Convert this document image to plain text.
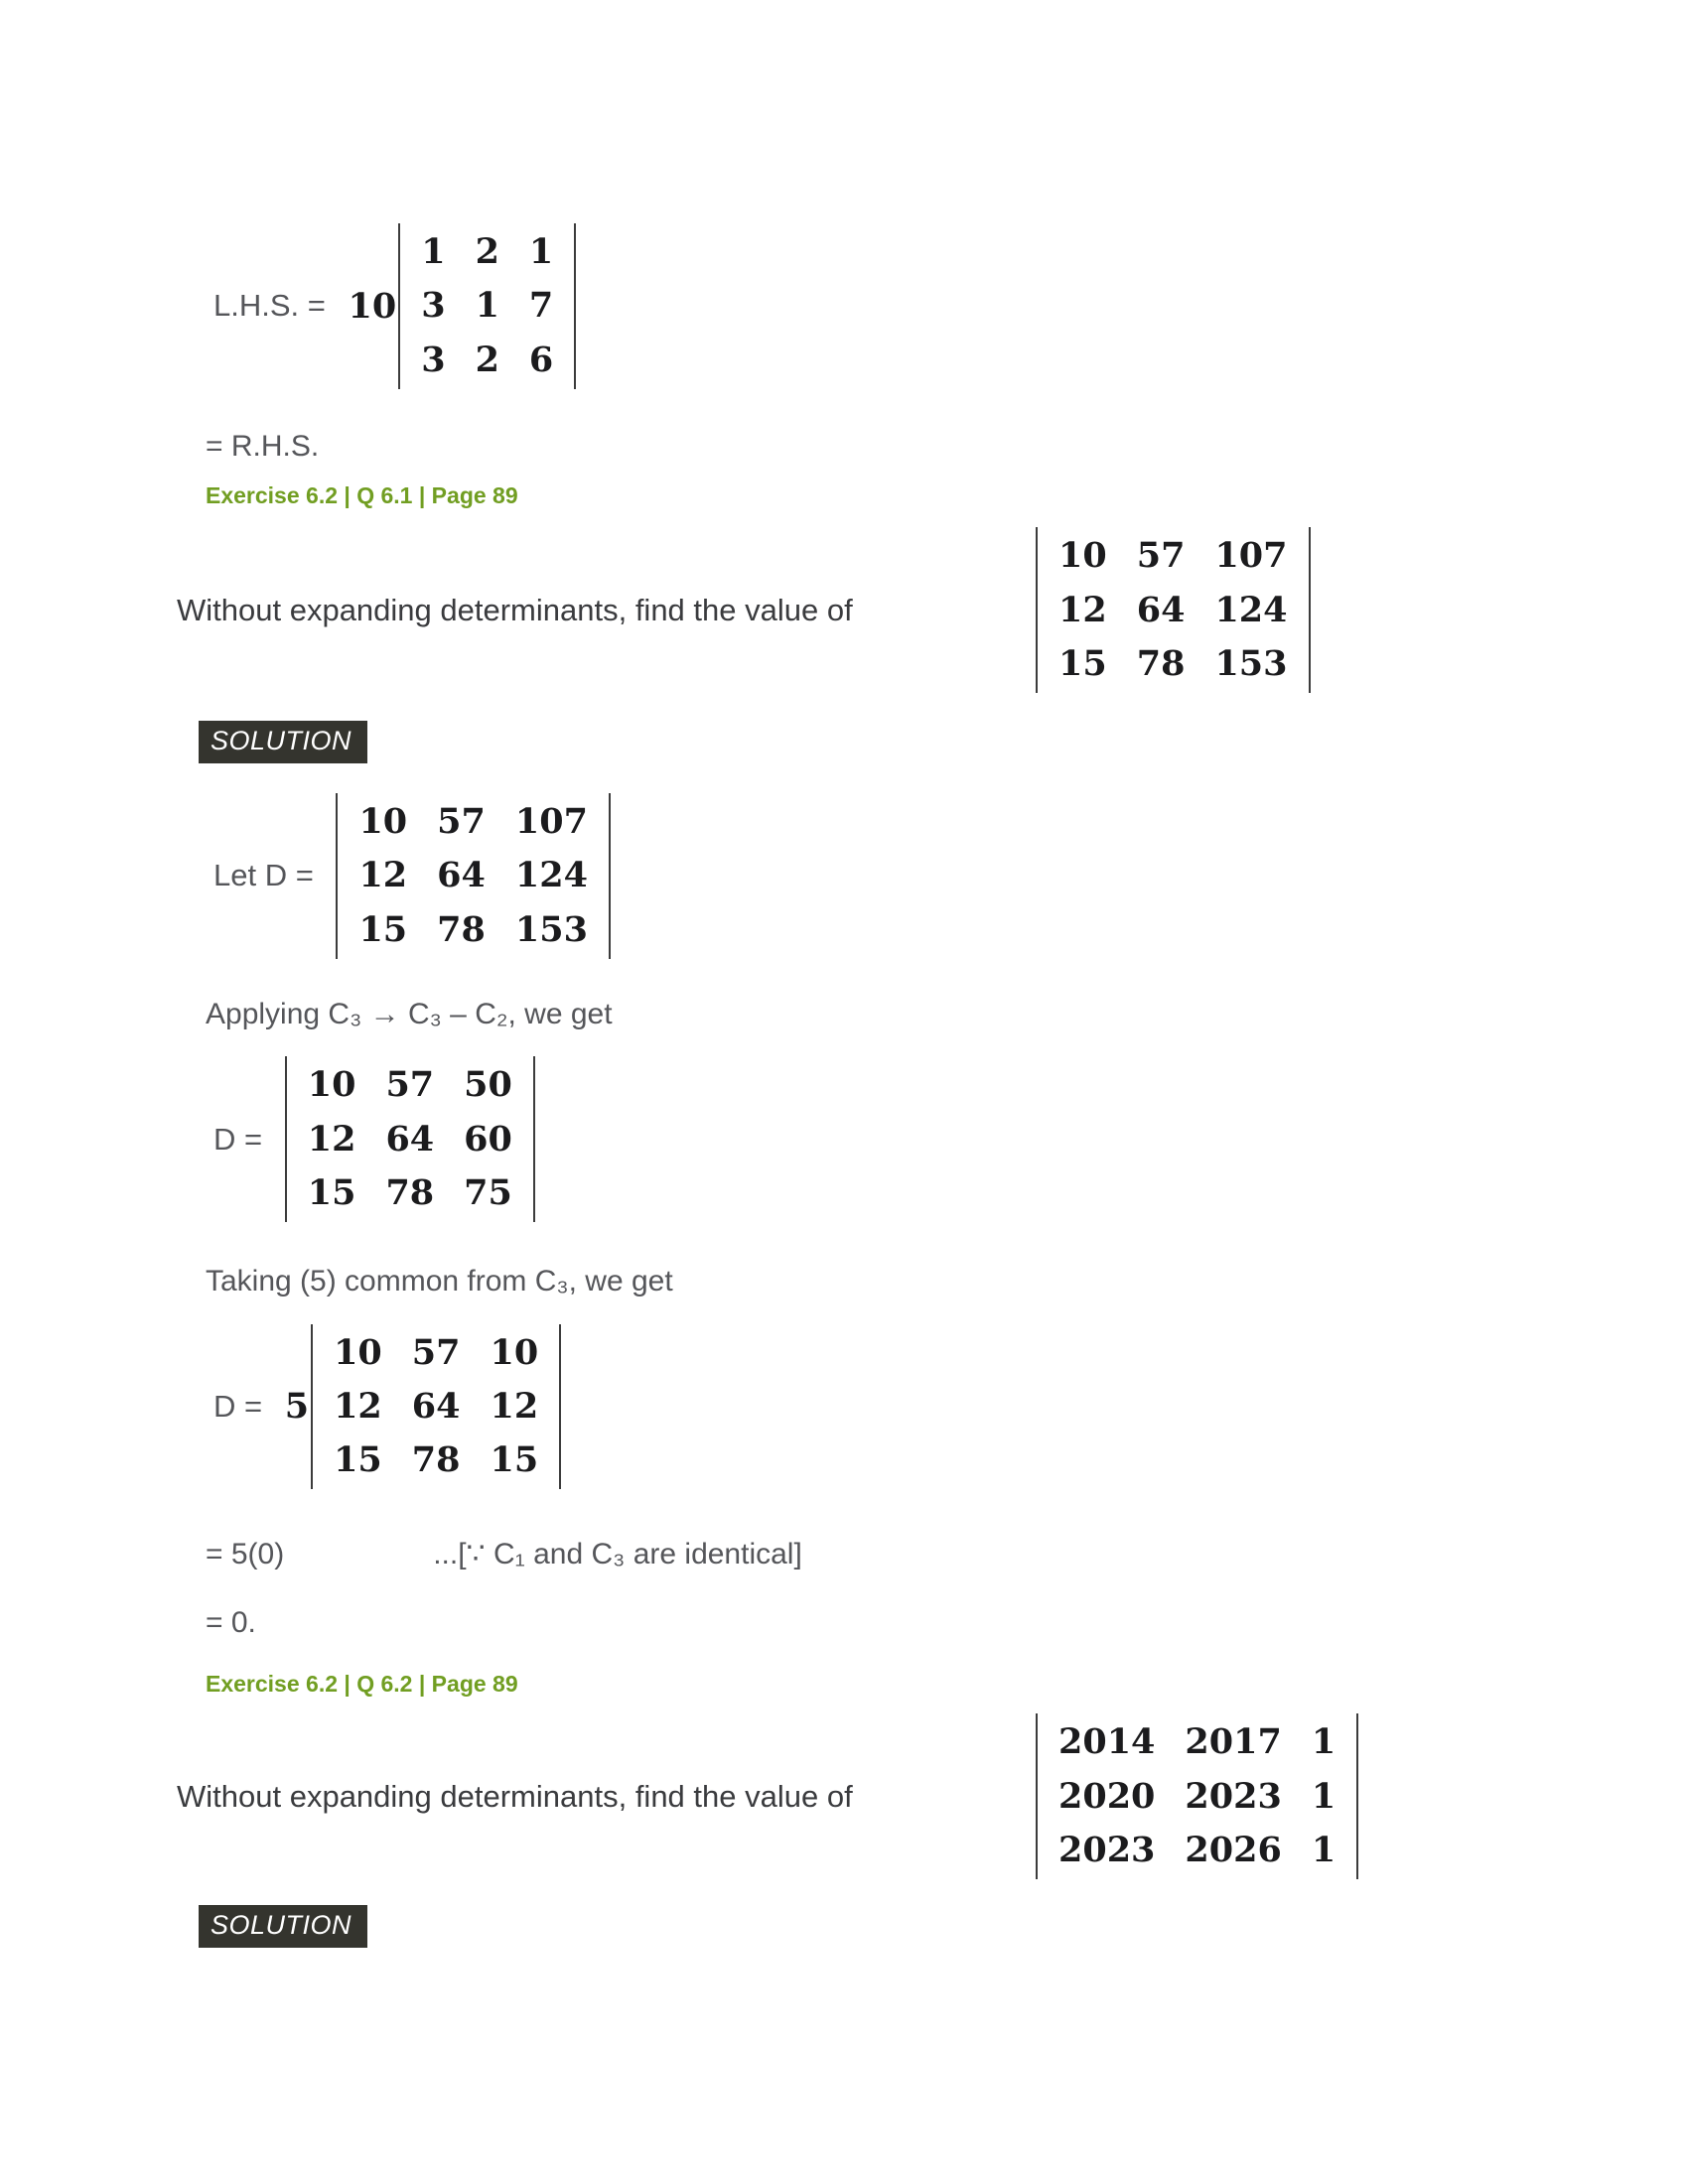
L.H.S. = 10
1	2	1
3	1	7
3	2	6
= R.H.S.
Exercise 6.2 | Q 6.1 | Page 89
Without expanding determinants, find the value of
10	57	107
12	64	124
15	78	153
SOLUTION
Let D =
10	57	107
12	64	124
15	78	153
Applying C₃ → C₃ – C₂, we get
D =
10	57	50
12	64	60
15	78	75
Taking (5) common from C₃, we get
D = 5
10	57	10
12	64	12
15	78	15
= 5(0)	...[∵ C₁ and C₃ are identical]
= 0.
Exercise 6.2 | Q 6.2 | Page 89
Without expanding determinants, find the value of
2014	2017	1
2020	2023	1
2023	2026	1
SOLUTION
